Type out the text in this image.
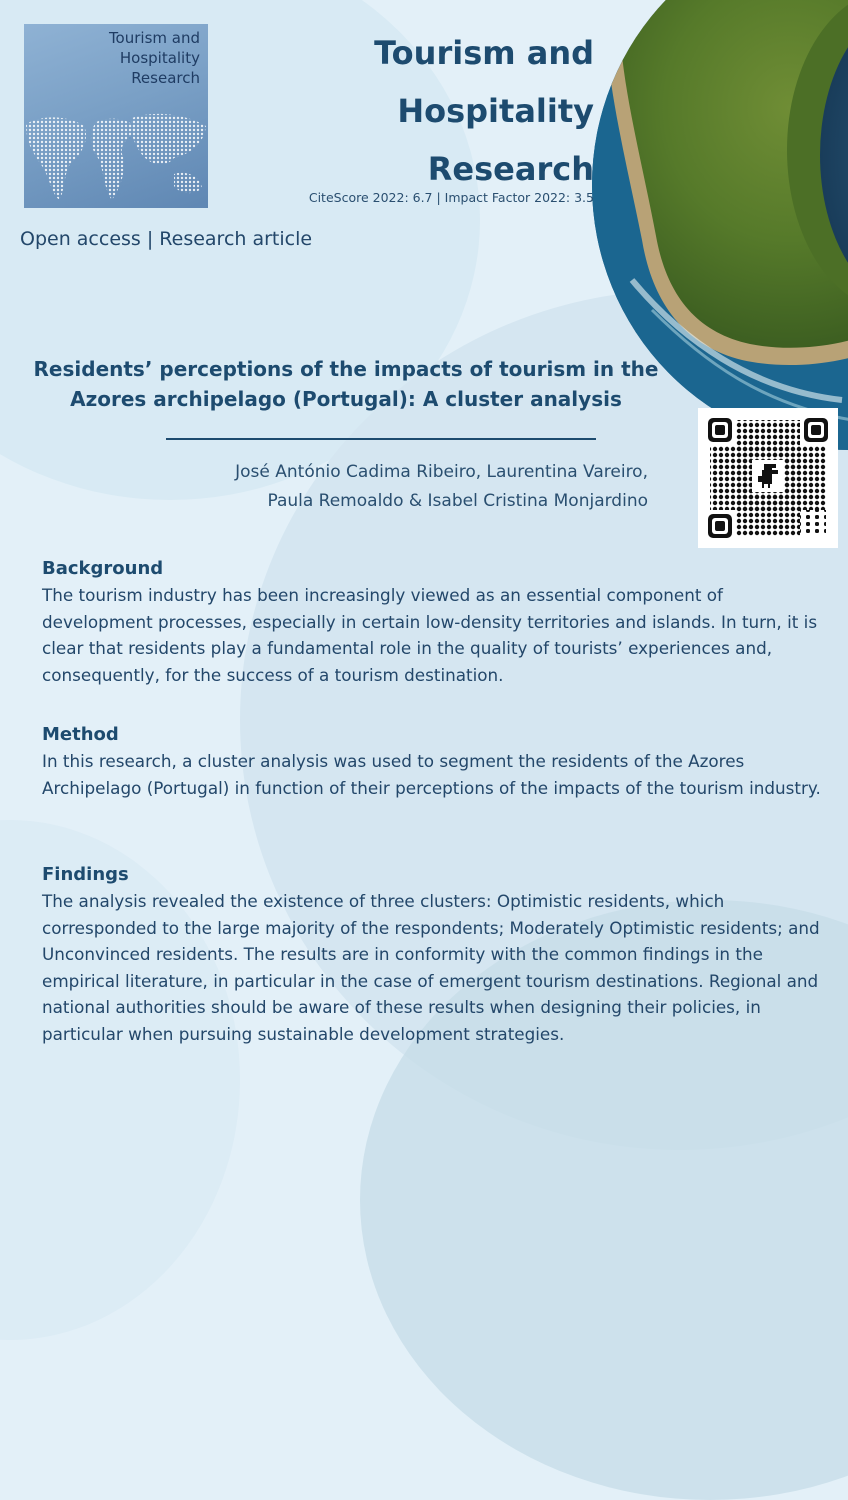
Tourism and
Hospitality
Research
Tourism and
Hospitality
Research
CiteScore 2022: 6.7 | Impact Factor 2022: 3.5
Open access | Research article
Residents’ perceptions of the impacts of tourism in the Azores archipelago (Portugal): A cluster analysis
José António Cadima Ribeiro, Laurentina Vareiro,
Paula Remoaldo & Isabel Cristina Monjardino
Background

The tourism industry has been increasingly viewed as an essential component of development processes, especially in certain low-density territories and islands. In turn, it is clear that residents play a fundamental role in the quality of tourists’ experiences and, consequently, for the success of a tourism destination.

Method

In this research, a cluster analysis was used to segment the residents of the Azores Archipelago (Portugal) in function of their perceptions of the impacts of the tourism industry.

Findings

The analysis revealed the existence of three clusters: Optimistic residents, which corresponded to the large majority of the respondents; Moderately Optimistic residents; and Unconvinced residents. The results are in conformity with the common findings in the empirical literature, in particular in the case of emergent tourism destinations. Regional and national authorities should be aware of these results when designing their policies, in particular when pursuing sustainable development strategies.
